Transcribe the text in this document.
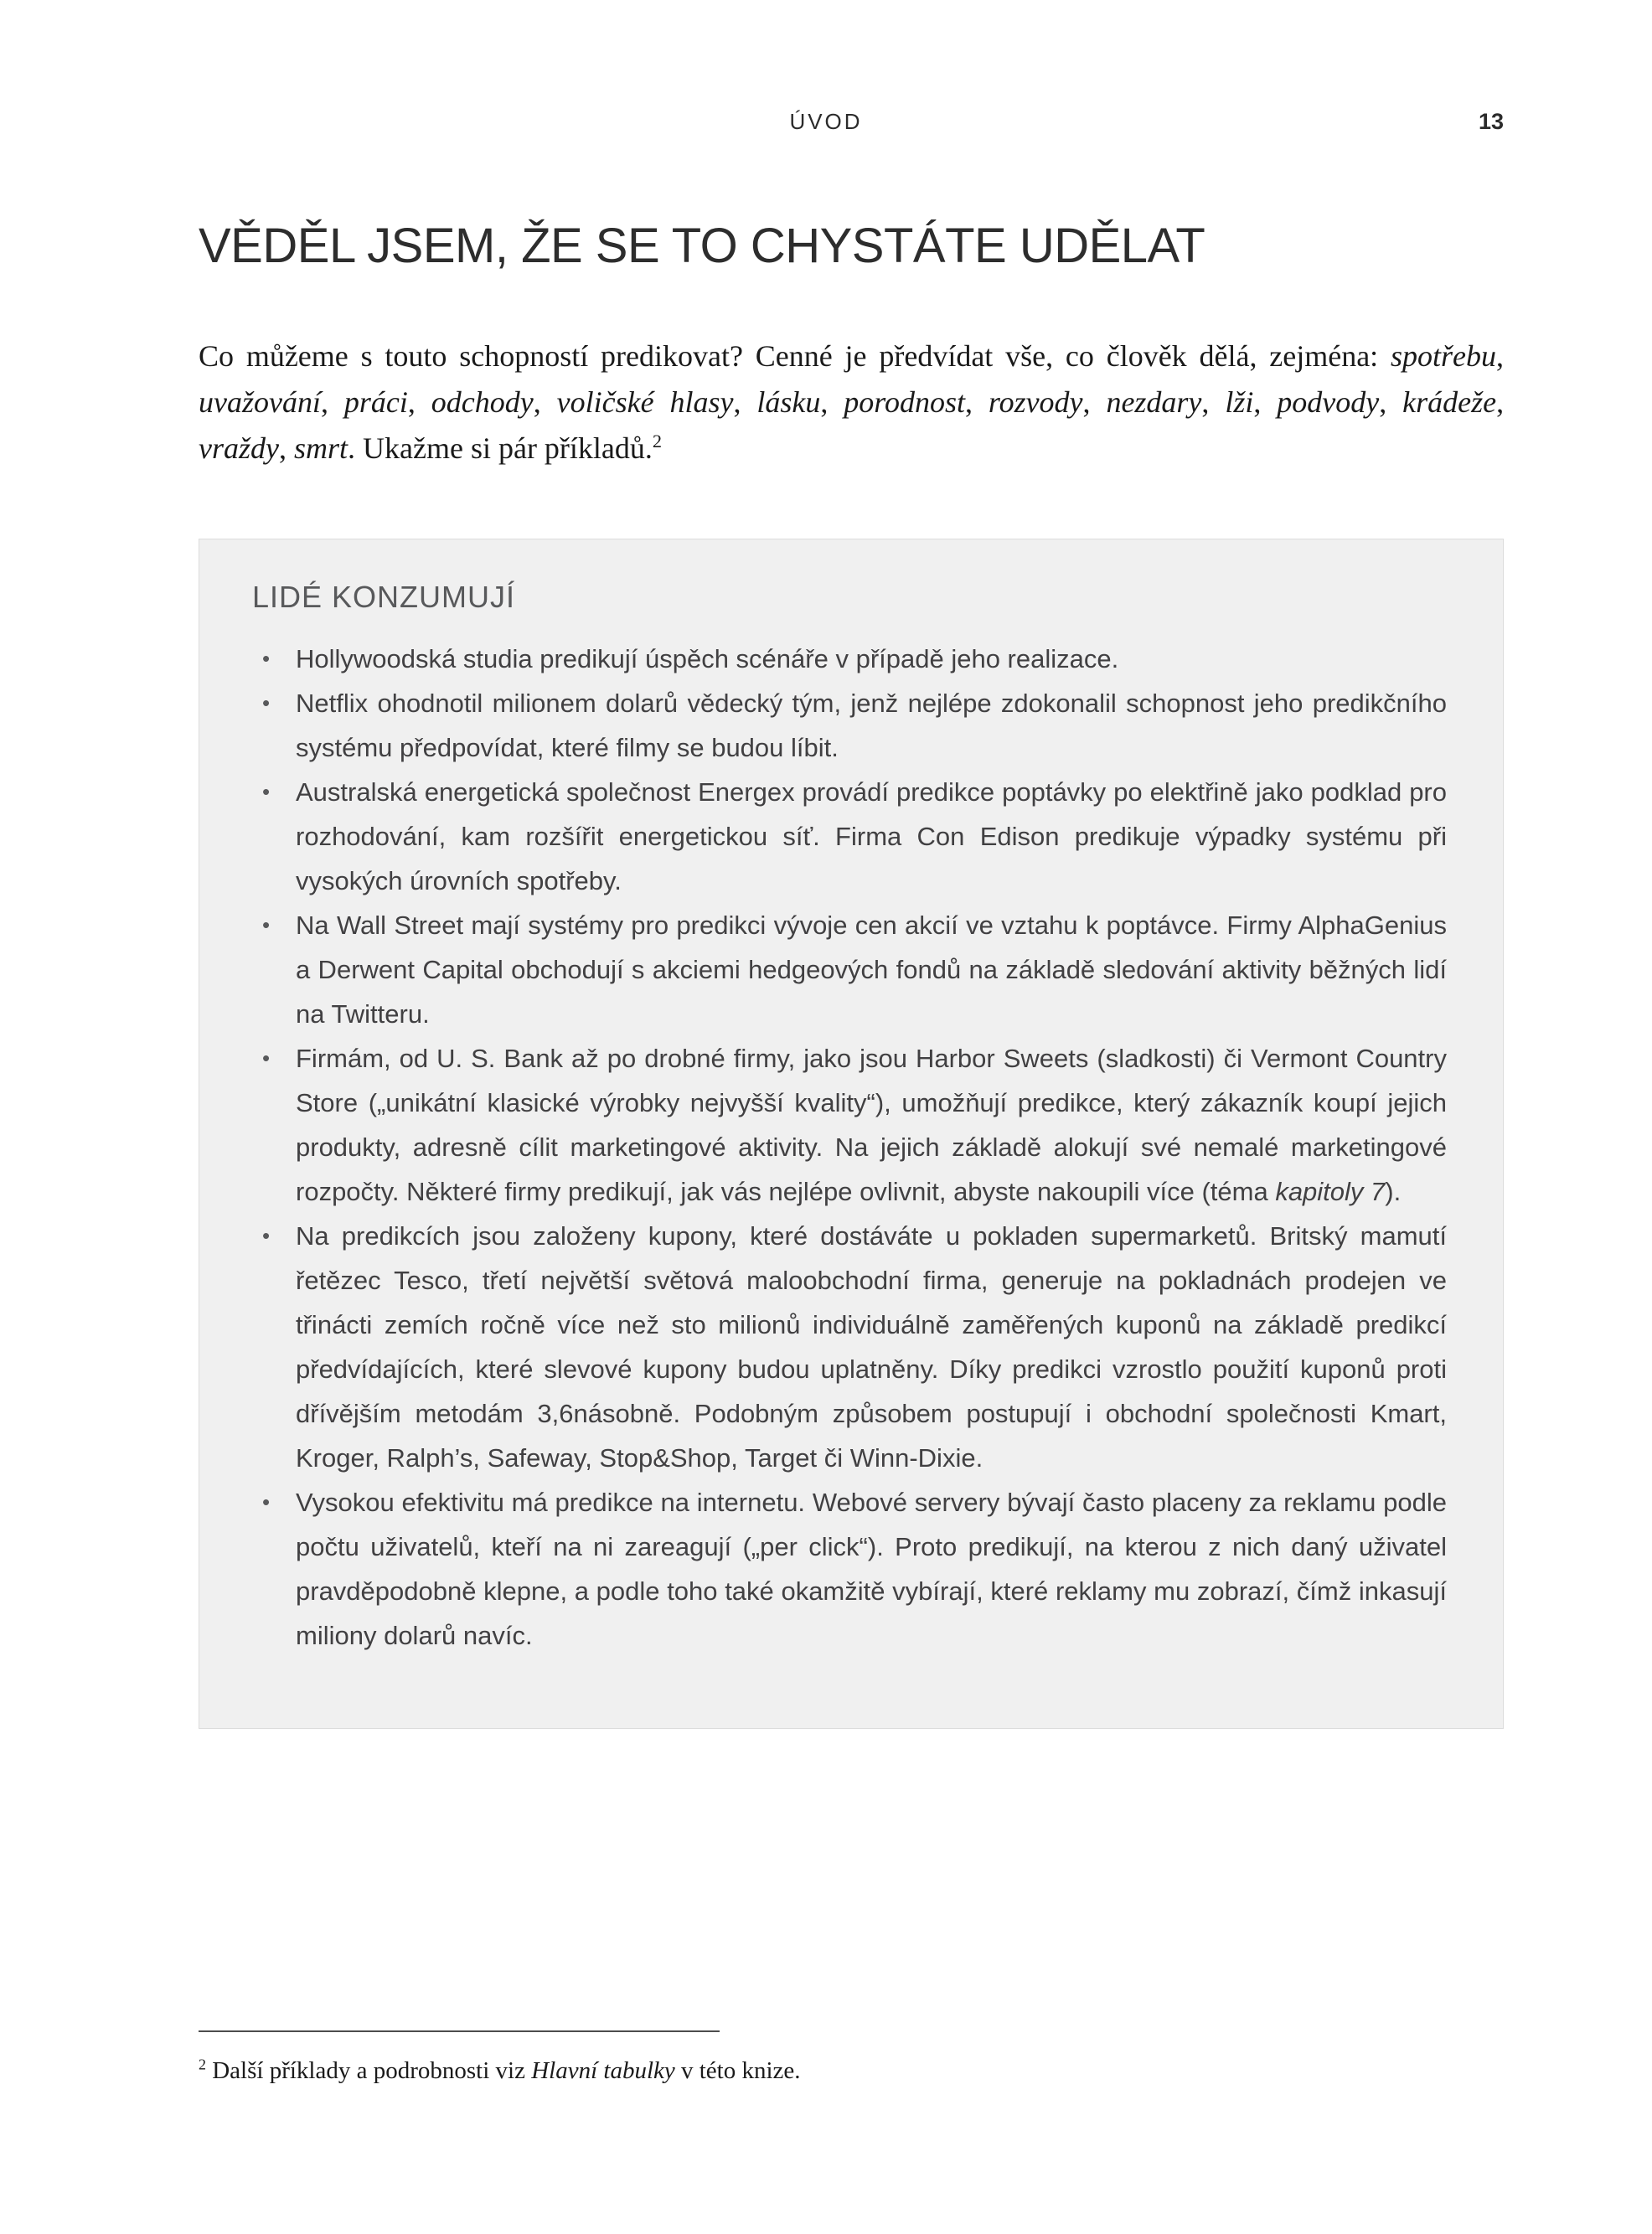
ÚVOD	13
VĚDĚL JSEM, ŽE SE TO CHYSTÁTE UDĚLAT

Co můžeme s touto schopností predikovat? Cenné je předvídat vše, co člověk dělá, zejména: spotřebu, uvažování, práci, odchody, voličské hlasy, lásku, porodnost, rozvody, nezdary, lži, podvody, krádeže, vraždy, smrt. Ukažme si pár příkladů.$^2$

LIDÉ KONZUMUJÍ
• Hollywoodská studia predikují úspěch scénáře v případě jeho realizace.
• Netflix ohodnotil milionem dolarů vědecký tým, jenž nejlépe zdokonalil schopnost jeho predikčního systému předpovídat, které filmy se budou líbit.
• Australská energetická společnost Energex provádí predikce poptávky po elektřině jako podklad pro rozhodování, kam rozšířit energetickou síť. Firma Con Edison predikuje výpadky systému při vysokých úrovních spotřeby.
• Na Wall Street mají systémy pro predikci vývoje cen akcií ve vztahu k poptávce. Firmy AlphaGenius a Derwent Capital obchodují s akciemi hedgeových fondů na základě sledování aktivity běžných lidí na Twitteru.
• Firmám, od U. S. Bank až po drobné firmy, jako jsou Harbor Sweets (sladkosti) či Vermont Country Store („unikátní klasické výrobky nejvyšší kvality“), umožňují predikce, který zákazník koupí jejich produkty, adresně cílit marketingové aktivity. Na jejich základě alokují své nemalé marketingové rozpočty. Některé firmy predikují, jak vás nejlépe ovlivnit, abyste nakoupili více (téma kapitoly 7).
• Na predikcích jsou založeny kupony, které dostáváte u pokladen supermarketů. Britský mamutí řetězec Tesco, třetí největší světová maloobchodní firma, generuje na pokladnách prodejen ve třinácti zemích ročně více než sto milionů individuálně zaměřených kuponů na základě predikcí předvídajících, které slevové kupony budou uplatněny. Díky predikci vzrostlo použití kuponů proti dřívějším metodám 3,6násobně. Podobným způsobem postupují i obchodní společnosti Kmart, Kroger, Ralph’s, Safeway, Stop&Shop, Target či Winn-Dixie.
• Vysokou efektivitu má predikce na internetu. Webové servery bývají často placeny za reklamu podle počtu uživatelů, kteří na ni zareagují („per click“). Proto predikují, na kterou z nich daný uživatel pravděpodobně klepne, a podle toho také okamžitě vybírají, které reklamy mu zobrazí, čímž inkasují miliony dolarů navíc.

$^2$ Další příklady a podrobnosti viz Hlavní tabulky v této knize.
